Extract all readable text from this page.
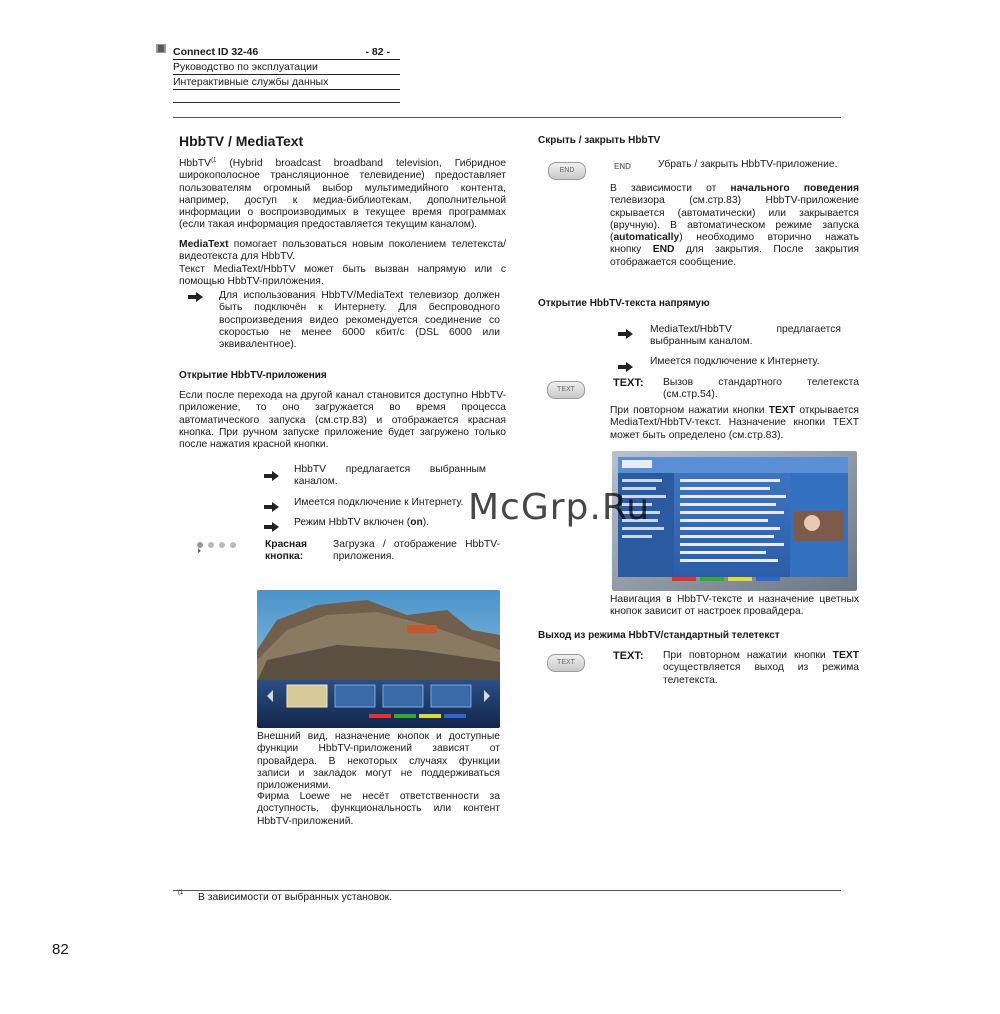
Connect ID 32-46	- 82 -
Руководство по эксплуатации
Интерактивные службы данных
HbbTV / MediaText
HbbTV$^{(1}$ (Hybrid broadcast broadband television, Гибридное широкополосное трансляционное телевидение) предоставляет пользователям огромный выбор мультимедийного контента, например, доступ к медиа-библиотекам, дополнительной информации о воспроизводимых в текущее время программах (если такая информация предоставляется текущим каналом).
MediaText помогает пользоваться новым поколением телетекста/видеотекста для HbbTV.
Текст MediaText/HbbTV может быть вызван напрямую или с помощью HbbTV-приложения.
Для использования HbbTV/MediaText телевизор должен быть подключён к Интернету. Для беспроводного воспроизведения видео рекомендуется соединение со скоростью не менее 6000 кбит/с (DSL 6000 или эквивалентное).
Открытие HbbTV-приложения
Если после перехода на другой канал становится доступно HbbTV-приложение, то оно загружается во время процесса автоматического запуска (см.стр.83) и отображается красная кнопка. При ручном запуске приложение будет загружено только после нажатия красной кнопки.
HbbTV предлагается выбранным каналом.
Имеется подключение к Интернету.
Режим HbbTV включен (on).
Красная
кнопка:
Загрузка / отображение HbbTV-приложения.
Внешний вид, назначение кнопок и доступные функции HbbTV-приложений зависят от провайдера. В некоторых случаях функции записи и закладок могут не поддерживаться приложениями.
Фирма Loewe не несёт ответственности за доступность, функциональность или контент HbbTV-приложений.
Скрыть / закрыть HbbTV
END	END	Убрать / закрыть HbbTV-приложение.
В зависимости от начального поведения телевизора (см.стр.83) HbbTV-приложение скрывается (автоматически) или закрывается (вручную). В автоматическом режиме запуска (automatically) необходимо вторично нажать кнопку END для закрытия. После закрытия отображается сообщение.
Открытие HbbTV-текста напрямую
MediaText/HbbTV предлагается выбранным каналом.
Имеется подключение к Интернету.
TEXT
TEXT: Вызов стандартного телетекста (см.стр.54).
При повторном нажатии кнопки TEXT открывается MediaText/HbbTV-текст. Назначение кнопки TEXT может быть определено (см.стр.83).
Навигация в HbbTV-тексте и назначение цветных кнопок зависит от настроек провайдера.
Выход из режима HbbTV/стандартный телетекст
TEXT
TEXT: При повторном нажатии кнопки TEXT осуществляется выход из режима телетекста.
(1 В зависимости от выбранных установок.
82
McGrp.Ru
